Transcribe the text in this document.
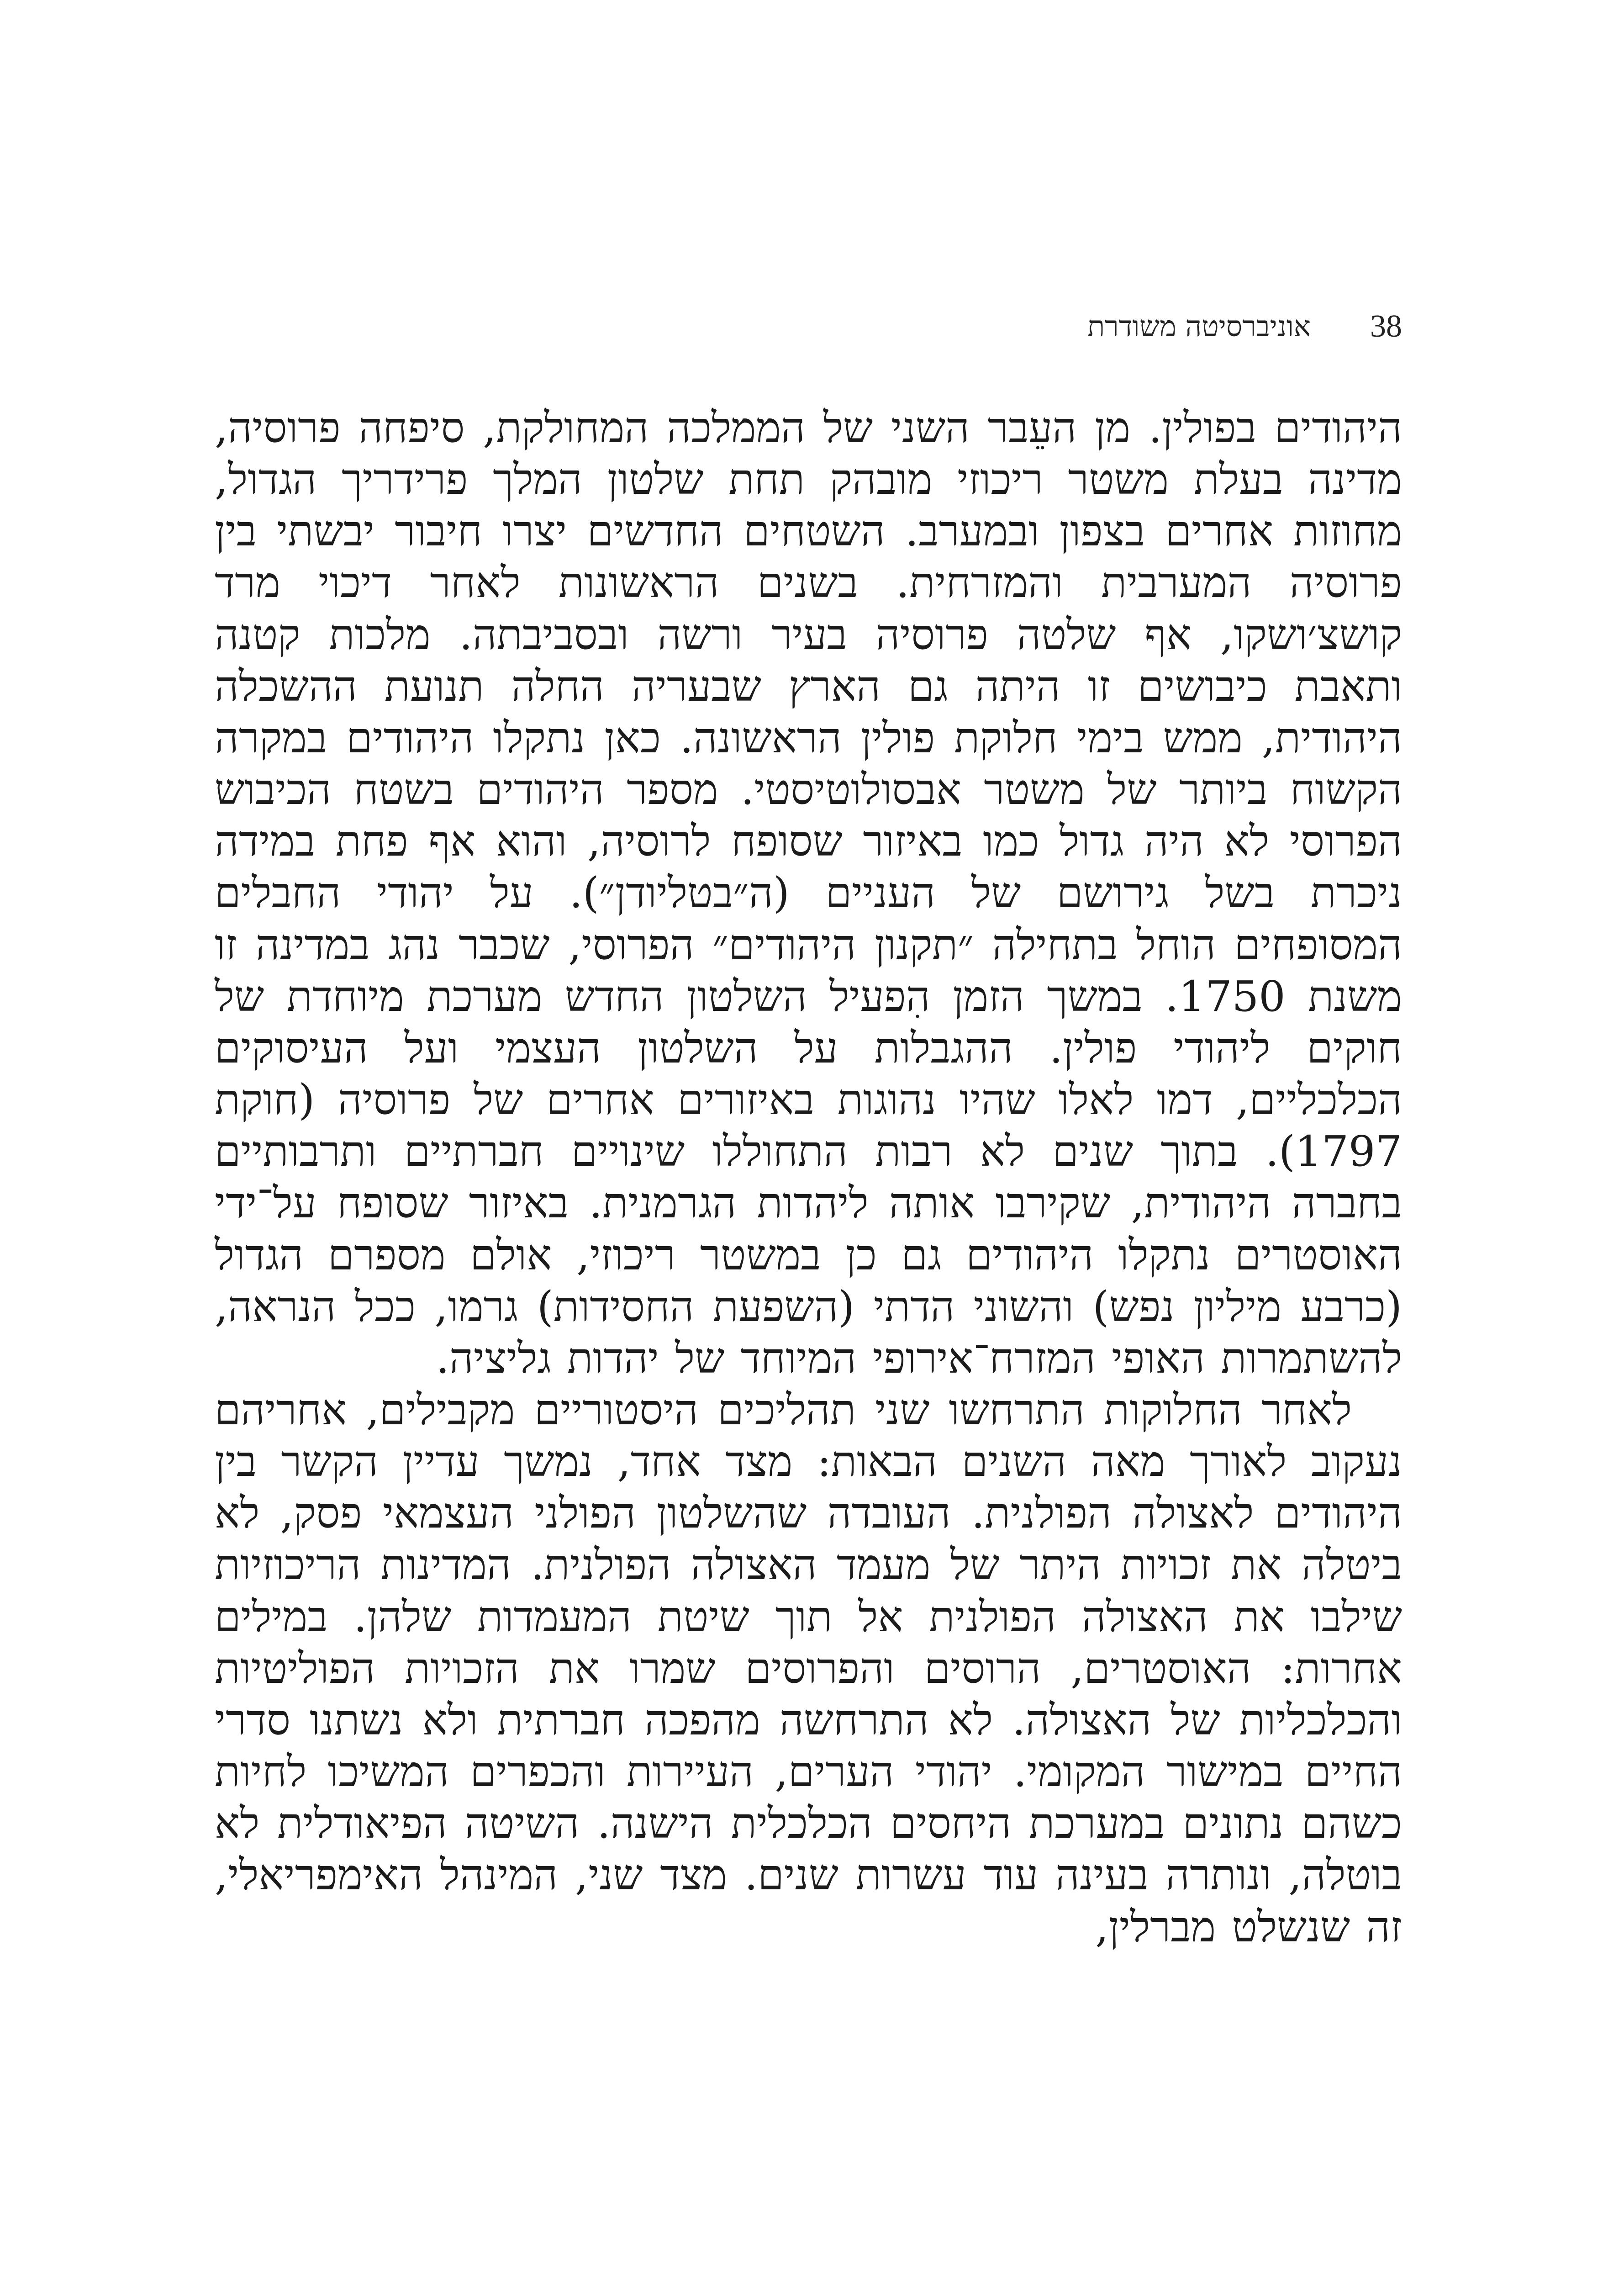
38
אוניברסיטה משודרת

היהודים בפולין. מן העֵבר השני של הממלכה המחולקת, סיפחה פרוסיה, מדינה בעלת משטר ריכוזי מובהק תחת שלטון המלך פרידריך הגדול, מחוזות אחרים בצפון ובמערב. השטחים החדשים יצרו חיבור יבשתי בין פרוסיה המערבית והמזרחית. בשנים הראשונות לאחר דיכוי מרד קושצ׳ושקו, אף שלטה פרוסיה בעיר ורשה ובסביבתה. מלכות קטנה ותאבת כיבושים זו היתה גם הארץ שבעריה החלה תנועת ההשכלה היהודית, ממש בימי חלוקת פולין הראשונה. כאן נתקלו היהודים במקרה הקשוח ביותר של משטר אבסולוטיסטי. מספר היהודים בשטח הכיבוש הפרוסי לא היה גדול כמו באיזור שסופח לרוסיה, והוא אף פחת במידה ניכרת בשל גירושם של העניים (ה״בטליודן״). על יהודי החבלים המסופחים הוחל בתחילה ״תקנון היהודים״ הפרוסי, שכבר נהג במדינה זו משנת 1750. במשך הזמן הִפעיל השלטון החדש מערכת מיוחדת של חוקים ליהודי פולין. ההגבלות על השלטון העצמי ועל העיסוקים הכלכליים, דמו לאלו שהיו נהוגות באיזורים אחרים של פרוסיה (חוקת 1797). בתוך שנים לא רבות התחוללו שינויים חברתיים ותרבותיים בחברה היהודית, שקירבו אותה ליהדות הגרמנית. באיזור שסופח על־ידי האוסטרים נתקלו היהודים גם כן במשטר ריכוזי, אולם מספרם הגדול (כרבע מיליון נפש) והשוני הדתי (השפעת החסידות) גרמו, ככל הנראה, להשתמרות האופי המזרח־אירופי המיוחד של יהדות גליציה.

לאחר החלוקות התרחשו שני תהליכים היסטוריים מקבילים, אחריהם נעקוב לאורך מאה השנים הבאות: מצד אחד, נמשך עדיין הקשר בין היהודים לאצולה הפולנית. העובדה שהשלטון הפולני העצמאי פסק, לא ביטלה את זכויות היתר של מעמד האצולה הפולנית. המדינות הריכוזיות שילבו את האצולה הפולנית אל תוך שיטת המעמדות שלהן. במילים אחרות: האוסטרים, הרוסים והפרוסים שמרו את הזכויות הפוליטיות והכלכליות של האצולה. לא התרחשה מהפכה חברתית ולא נשתנו סדרי החיים במישור המקומי. יהודי הערים, העיירות והכפרים המשיכו לחיות כשהם נתונים במערכת היחסים הכלכלית הישנה. השיטה הפיאודלית לא בוטלה, ונותרה בעינה עוד עשרות שנים. מצד שני, המינהל האימפריאלי, זה שנשלט מברלין,
